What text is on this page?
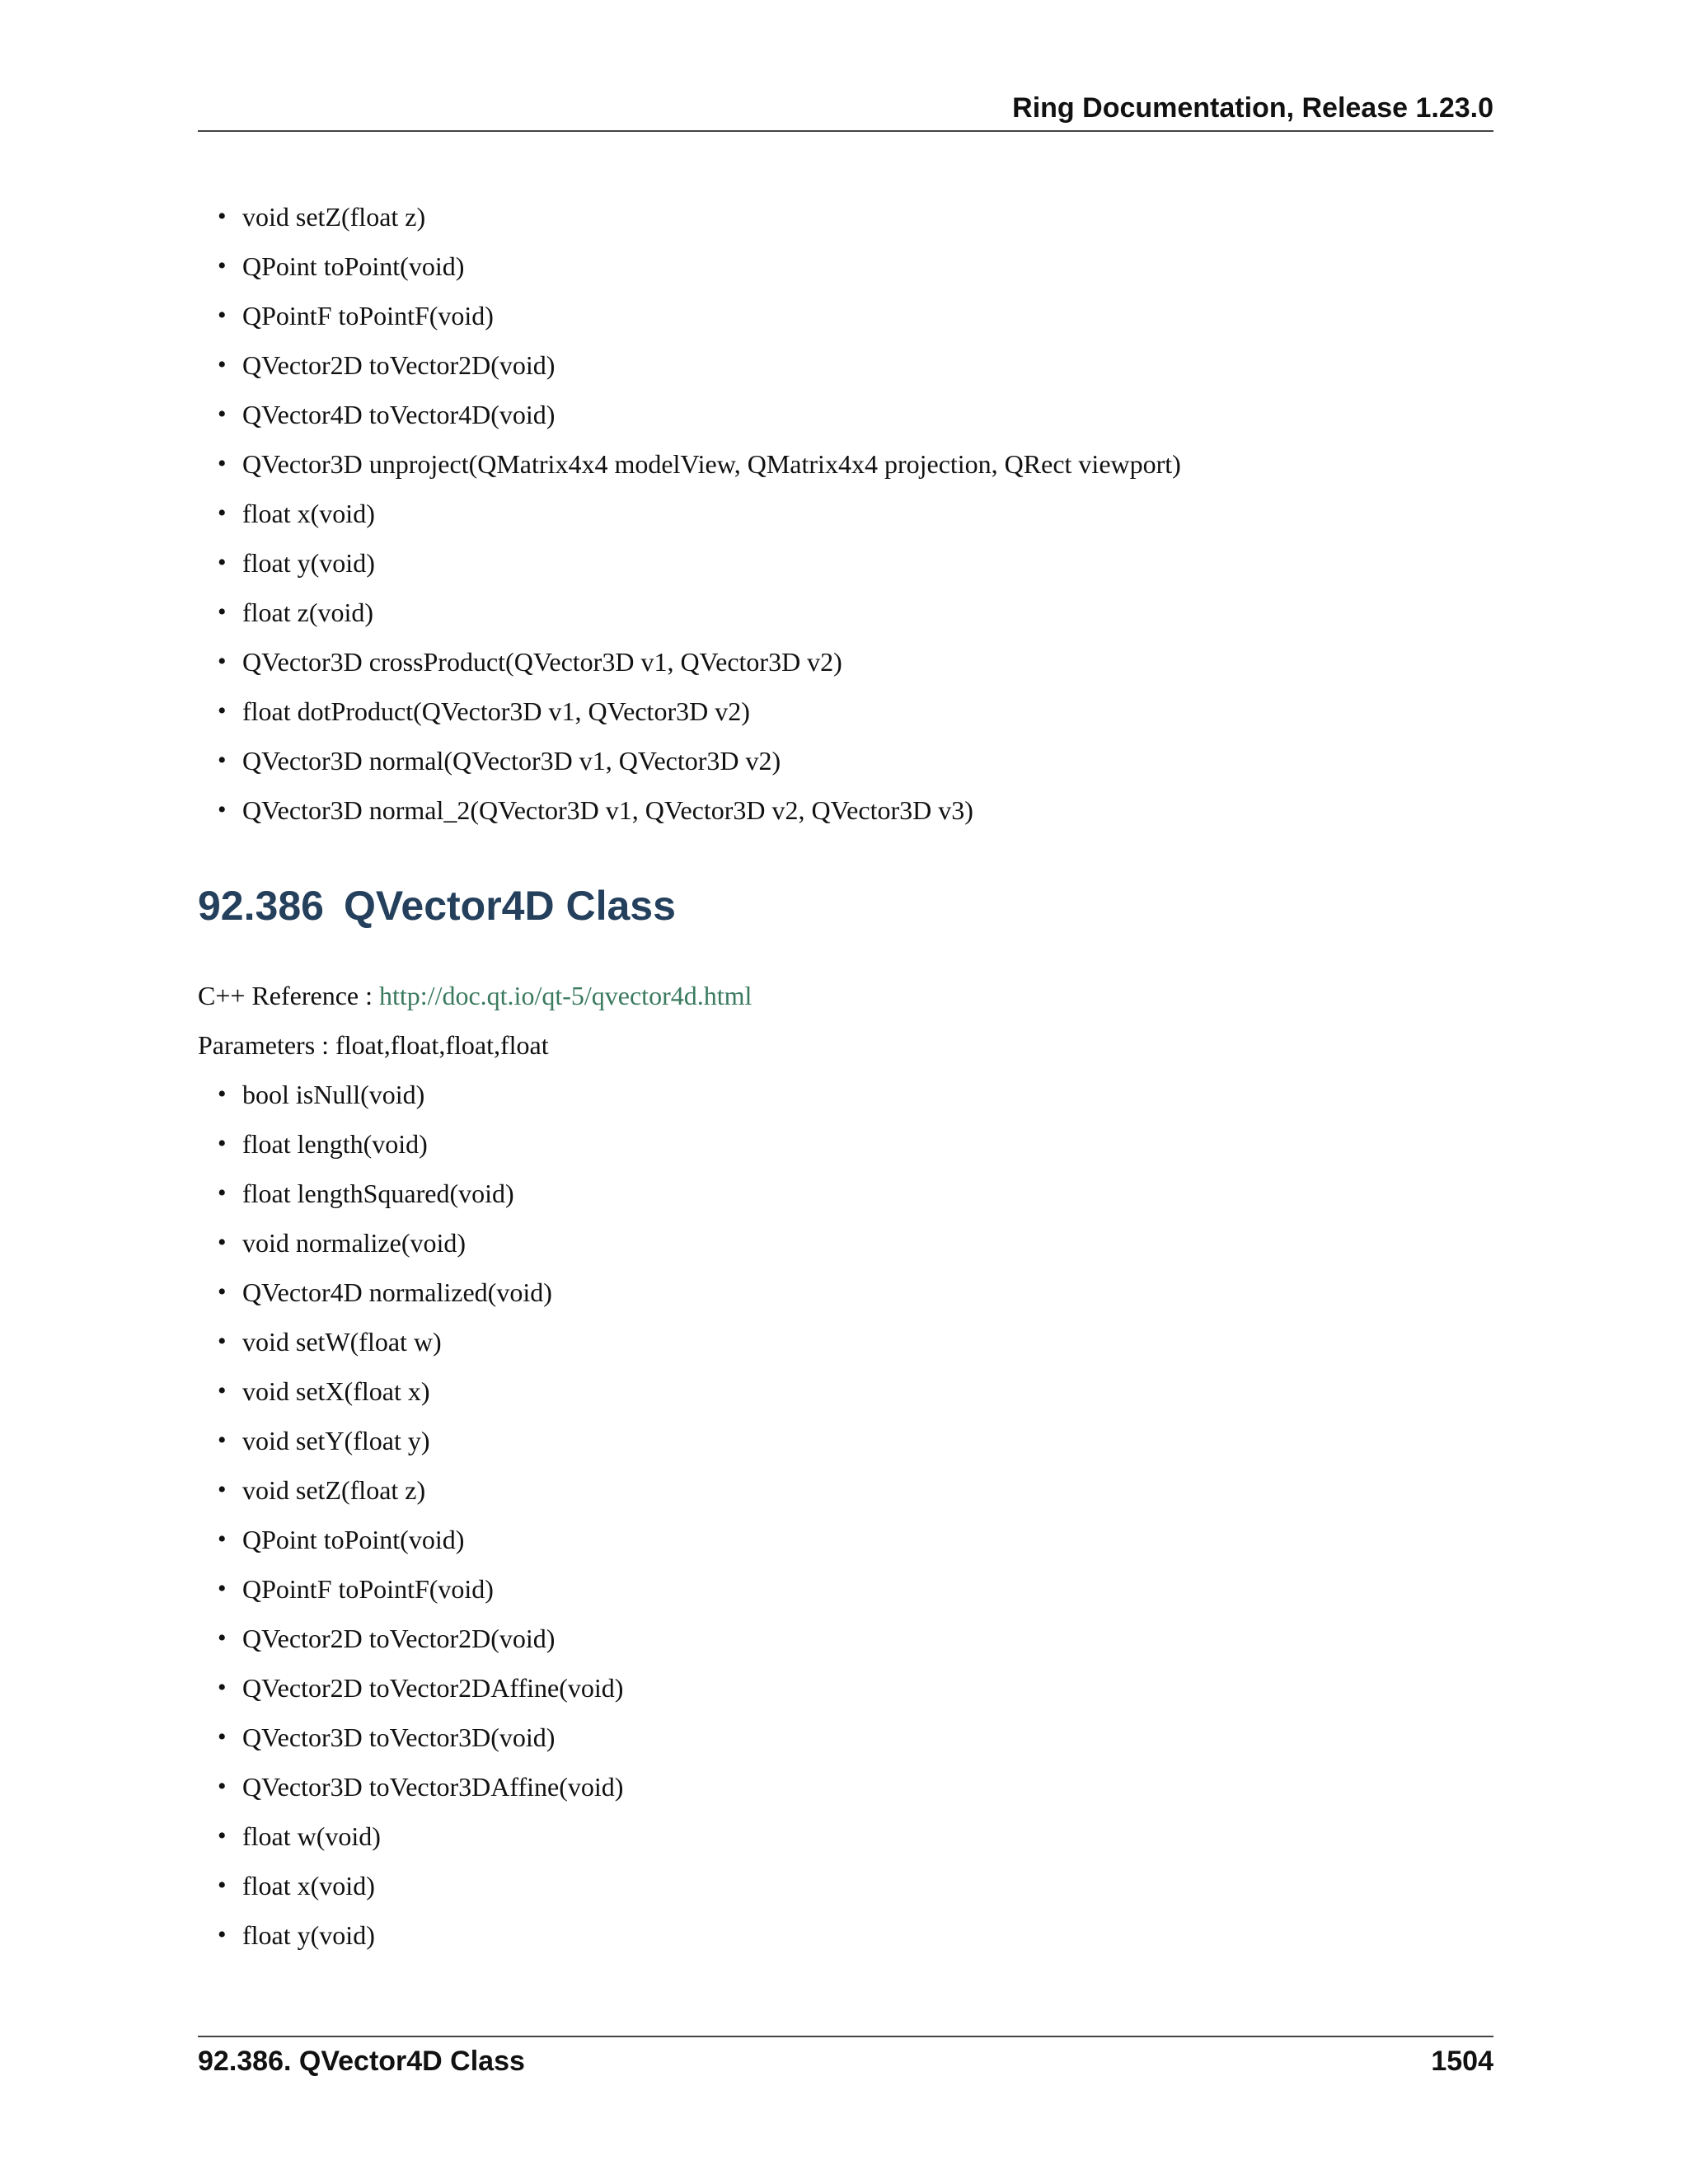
Ring Documentation, Release 1.23.0
• void setZ(float z)
• QPoint toPoint(void)
• QPointF toPointF(void)
• QVector2D toVector2D(void)
• QVector4D toVector4D(void)
• QVector3D unproject(QMatrix4x4 modelView, QMatrix4x4 projection, QRect viewport)
• float x(void)
• float y(void)
• float z(void)
• QVector3D crossProduct(QVector3D v1, QVector3D v2)
• float dotProduct(QVector3D v1, QVector3D v2)
• QVector3D normal(QVector3D v1, QVector3D v2)
• QVector3D normal_2(QVector3D v1, QVector3D v2, QVector3D v3)
92.386 QVector4D Class
C++ Reference : http://doc.qt.io/qt-5/qvector4d.html
Parameters : float,float,float,float
• bool isNull(void)
• float length(void)
• float lengthSquared(void)
• void normalize(void)
• QVector4D normalized(void)
• void setW(float w)
• void setX(float x)
• void setY(float y)
• void setZ(float z)
• QPoint toPoint(void)
• QPointF toPointF(void)
• QVector2D toVector2D(void)
• QVector2D toVector2DAffine(void)
• QVector3D toVector3D(void)
• QVector3D toVector3DAffine(void)
• float w(void)
• float x(void)
• float y(void)
92.386. QVector4D Class	1504
